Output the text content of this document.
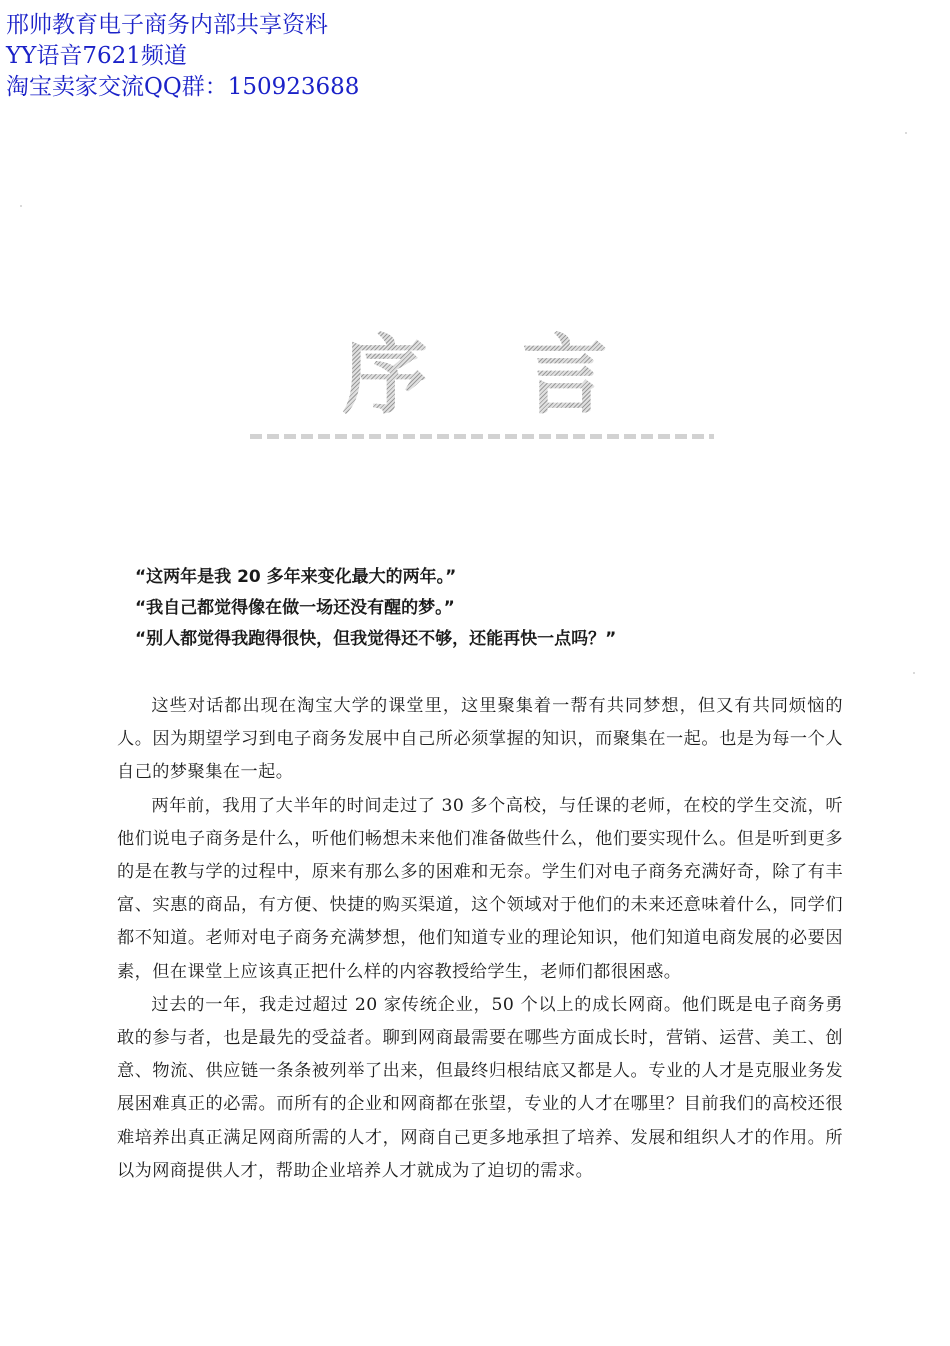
邢帅教育电子商务内部共享资料
YY语音7621频道
淘宝卖家交流QQ群：150923688
序 言
“这两年是我 20 多年来变化最大的两年。”
“我自己都觉得像在做一场还没有醒的梦。”
“别人都觉得我跑得很快，但我觉得还不够，还能再快一点吗？”

这些对话都出现在淘宝大学的课堂里，这里聚集着一帮有共同梦想，但又有共同烦恼的人。因为期望学习到电子商务发展中自己所必须掌握的知识，而聚集在一起。也是为每一个人自己的梦聚集在一起。

两年前，我用了大半年的时间走过了 30 多个高校，与任课的老师，在校的学生交流，听他们说电子商务是什么，听他们畅想未来他们准备做些什么，他们要实现什么。但是听到更多的是在教与学的过程中，原来有那么多的困难和无奈。学生们对电子商务充满好奇，除了有丰富、实惠的商品，有方便、快捷的购买渠道，这个领域对于他们的未来还意味着什么，同学们都不知道。老师对电子商务充满梦想，他们知道专业的理论知识，他们知道电商发展的必要因素，但在课堂上应该真正把什么样的内容教授给学生，老师们都很困惑。

过去的一年，我走过超过 20 家传统企业，50 个以上的成长网商。他们既是电子商务勇敢的参与者，也是最先的受益者。聊到网商最需要在哪些方面成长时，营销、运营、美工、创意、物流、供应链一条条被列举了出来，但最终归根结底又都是人。专业的人才是克服业务发展困难真正的必需。而所有的企业和网商都在张望，专业的人才在哪里？目前我们的高校还很难培养出真正满足网商所需的人才，网商自己更多地承担了培养、发展和组织人才的作用。所以为网商提供人才，帮助企业培养人才就成为了迫切的需求。
